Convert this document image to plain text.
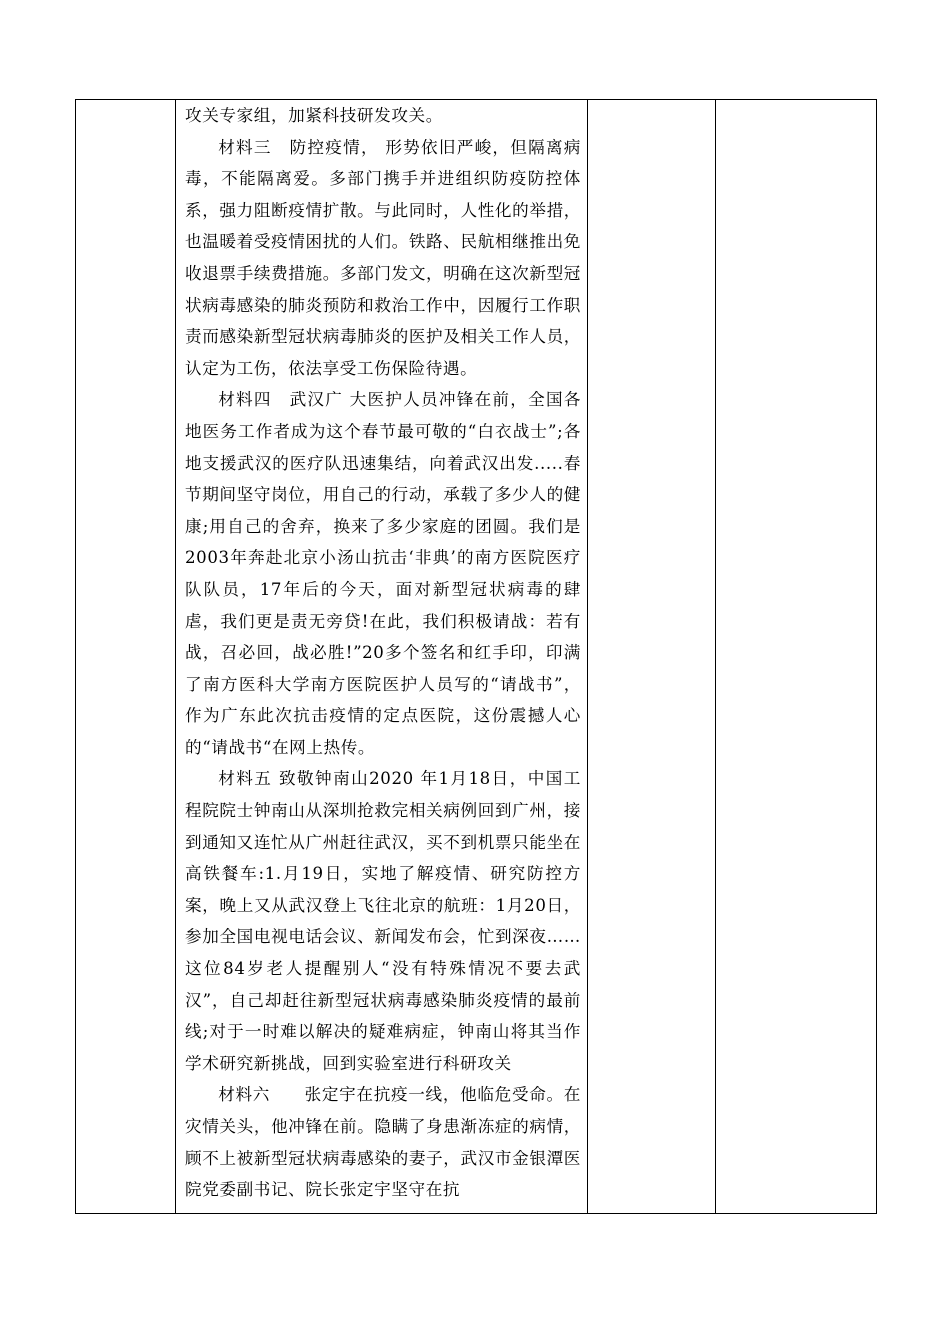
攻关专家组，加紧科技研发攻关。

材料三　防控疫情， 形势依旧严峻，但隔离病毒，不能隔离爱。多部门携手并进组织防疫防控体系，强力阻断疫情扩散。与此同时，人性化的举措，也温暖着受疫情困扰的人们。铁路、民航相继推出免收退票手续费措施。多部门发文，明确在这次新型冠状病毒感染的肺炎预防和救治工作中，因履行工作职责而感染新型冠状病毒肺炎的医护及相关工作人员，认定为工伤，依法享受工伤保险待遇。

材料四　武汉广 大医护人员冲锋在前，全国各地医务工作者成为这个春节最可敬的“白衣战士”;各地支援武汉的医疗队迅速集结，向着武汉出发.....春节期间坚守岗位，用自己的行动，承载了多少人的健康;用自己的舍弃，换来了多少家庭的团圆。我们是2003年奔赴北京小汤山抗击‘非典’的南方医院医疗队队员，17年后的今天，面对新型冠状病毒的肆虐，我们更是责无旁贷!在此，我们积极请战：若有战，召必回，战必胜!”20多个签名和红手印，印满了南方医科大学南方医院医护人员写的“请战书”，作为广东此次抗击疫情的定点医院，这份震撼人心的“请战书“在网上热传。

材料五 致敬钟南山2020 年1月18日，中国工程院院士钟南山从深圳抢救完相关病例回到广州，接到通知又连忙从广州赶往武汉，买不到机票只能坐在高铁餐车:1.月19日，实地了解疫情、研究防控方案，晚上又从武汉登上飞往北京的航班：1月20日，参加全国电视电话会议、新闻发布会，忙到深夜……这位84岁老人提醒别人“没有特殊情况不要去武汉”，自己却赶往新型冠状病毒感染肺炎疫情的最前线;对于一时难以解决的疑难病症，钟南山将其当作学术研究新挑战，回到实验室进行科研攻关

材料六　　张定宇在抗疫一线，他临危受命。在灾情关头，他冲锋在前。隐瞒了身患渐冻症的病情，顾不上被新型冠状病毒感染的妻子，武汉市金银潭医院党委副书记、院长张定宇坚守在抗
